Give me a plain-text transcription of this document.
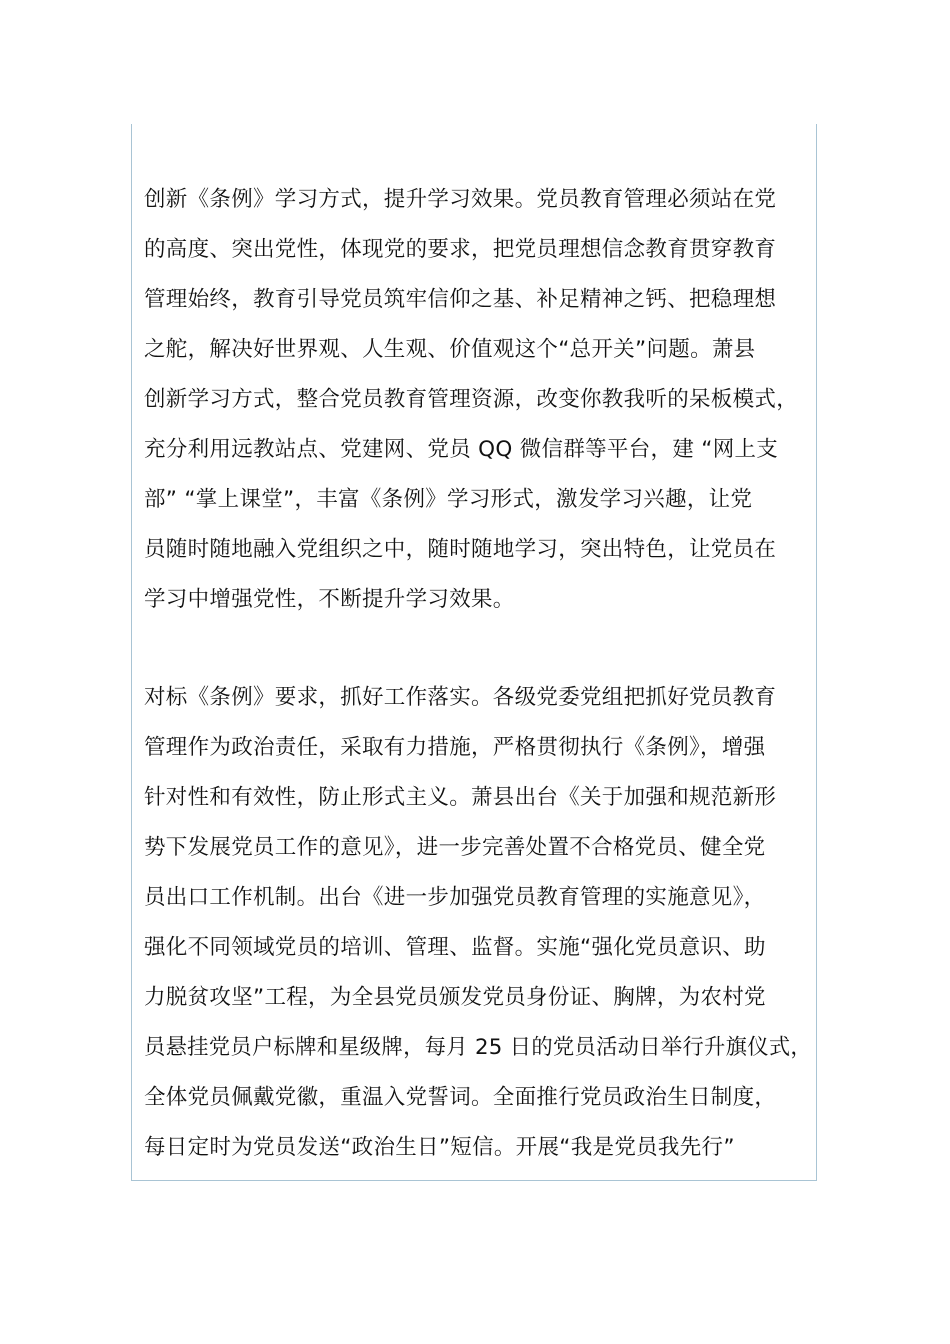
创新《条例》学习方式，提升学习效果。党员教育管理必须站在党
的高度、突出党性，体现党的要求，把党员理想信念教育贯穿教育
管理始终，教育引导党员筑牢信仰之基、补足精神之钙、把稳理想
之舵，解决好世界观、人生观、价值观这个“总开关”问题。萧县
创新学习方式，整合党员教育管理资源，改变你教我听的呆板模式，
充分利用远教站点、党建网、党员 QQ 微信群等平台，建 “网上支
部” “掌上课堂”，丰富《条例》学习形式，激发学习兴趣，让党
员随时随地融入党组织之中，随时随地学习，突出特色，让党员在
学习中增强党性，不断提升学习效果。
对标《条例》要求，抓好工作落实。各级党委党组把抓好党员教育
管理作为政治责任，采取有力措施，严格贯彻执行《条例》，增强
针对性和有效性，防止形式主义。萧县出台《关于加强和规范新形
势下发展党员工作的意见》，进一步完善处置不合格党员、健全党
员出口工作机制。出台《进一步加强党员教育管理的实施意见》，
强化不同领域党员的培训、管理、监督。实施“强化党员意识、助
力脱贫攻坚”工程，为全县党员颁发党员身份证、胸牌，为农村党
员悬挂党员户标牌和星级牌，每月 25 日的党员活动日举行升旗仪式，
全体党员佩戴党徽，重温入党誓词。全面推行党员政治生日制度，
每日定时为党员发送“政治生日”短信。开展“我是党员我先行”
